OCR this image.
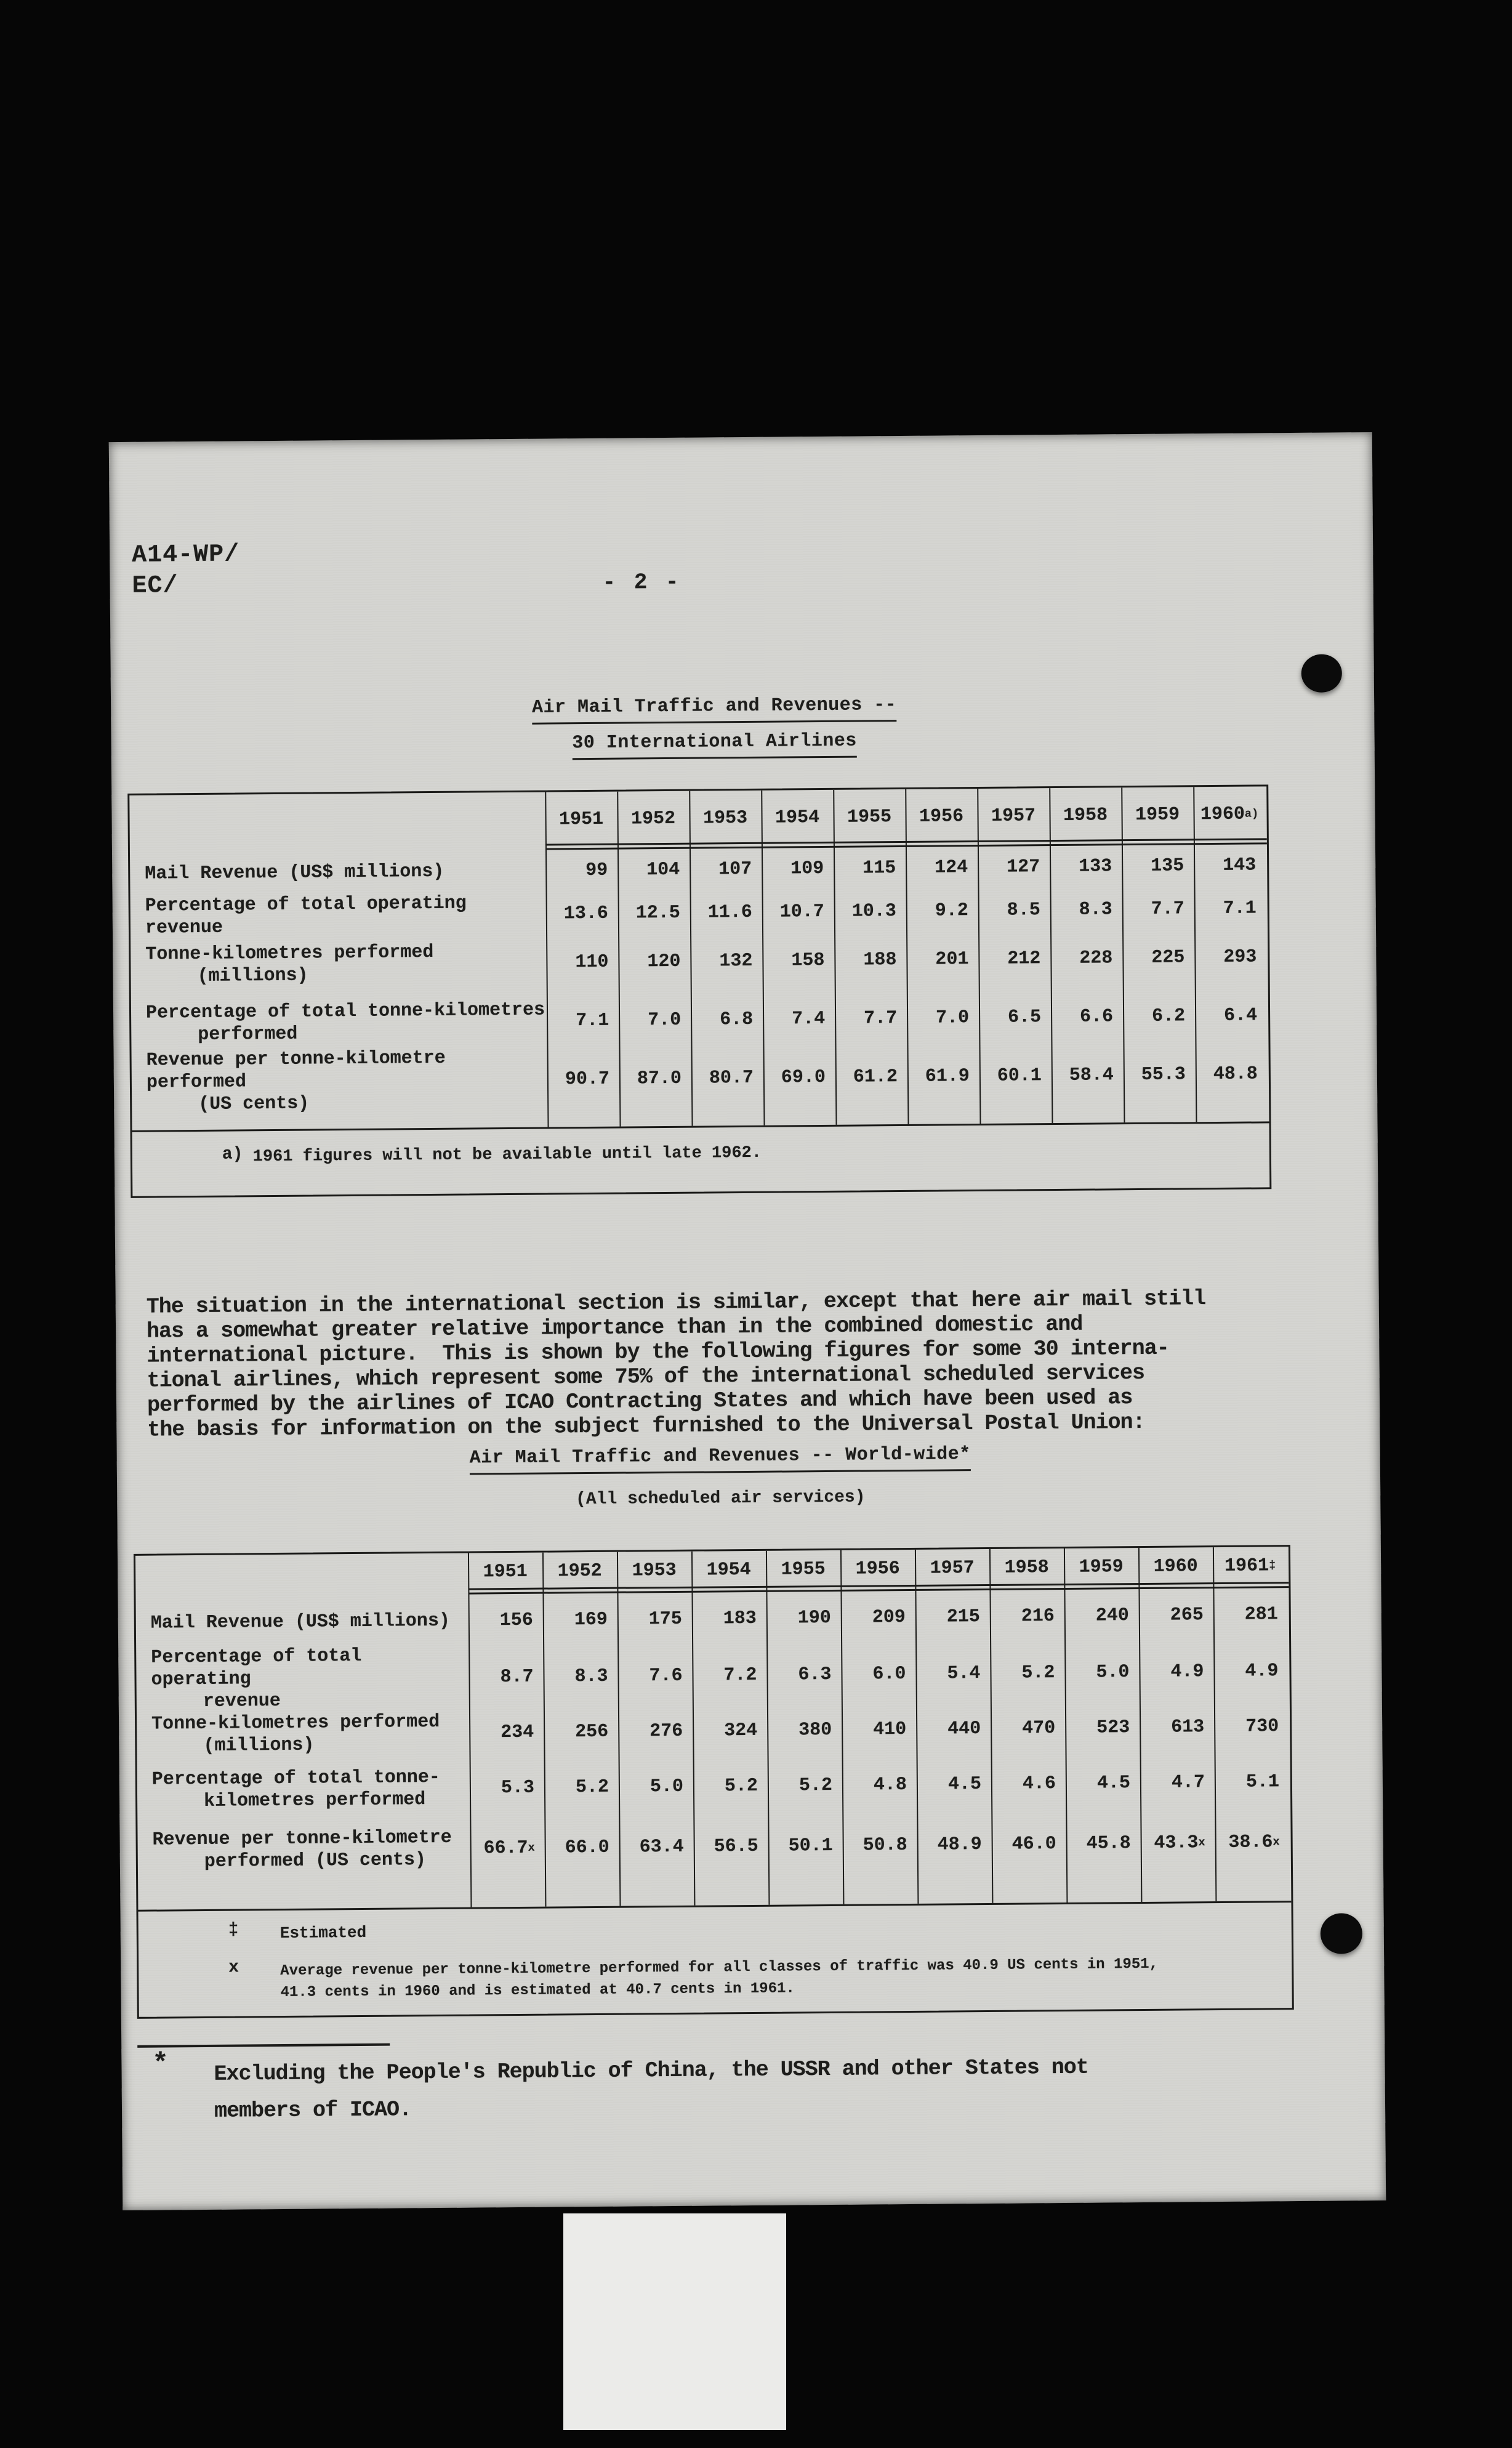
A14-WP/
EC/	- 2 -
Air Mail Traffic and Revenues --
30 International Airlines
1951	1952	1953	1954	1955	1956	1957	1958	1959	1960 a)
Mail Revenue (US$ millions)	99	104	107	109	115	124	127	133	135	143
Percentage of total operating revenue
13.6	12.5	11.6	10.7	10.3	9.2	8.5	8.3	7.7	7.1
Tonne-kilometres performed
(millions)
110	120	132	158	188	201	212	228	225	293
Percentage of total tonne-kilometres
performed
7.1	7.0	6.8	7.4	7.7	7.0	6.5	6.6	6.2	6.4
Revenue per tonne-kilometre performed
(US cents)
90.7	87.0	80.7	69.0	61.2	61.9	60.1	58.4	55.3	48.8
a) 1961 figures will not be available until late 1962.
The situation in the international section is similar, except that here air mail still
has a somewhat greater relative importance than in the combined domestic and
international picture.  This is shown by the following figures for some 30 interna-
tional airlines, which represent some 75% of the international scheduled services
performed by the airlines of ICAO Contracting States and which have been used as
the basis for information on the subject furnished to the Universal Postal Union:
Air Mail Traffic and Revenues -- World-wide*
(All scheduled air services)
1951	1952	1953	1954	1955	1956	1957	1958	1959	1960	1961 ‡
Mail Revenue (US$ millions)	156	169	175	183	190	209	215	216	240	265	281
Percentage of total operating
revenue
8.7	8.3	7.6	7.2	6.3	6.0	5.4	5.2	5.0	4.9	4.9
Tonne-kilometres performed
(millions)
234	256	276	324	380	410	440	470	523	613	730
Percentage of total tonne-
kilometres performed
5.3	5.2	5.0	5.2	5.2	4.8	4.5	4.6	4.5	4.7	5.1
Revenue per tonne-kilometre
performed (US cents)
66.7 x	66.0	63.4	56.5	50.1	50.8	48.9	46.0	45.8	43.3 x	38.6 x
‡	Estimated
x	Average revenue per tonne-kilometre performed for all classes of traffic was 40.9 US cents in 1951,
41.3 cents in 1960 and is estimated at 40.7 cents in 1961.
*	Excluding the People's Republic of China, the USSR and other States not
members of ICAO.
